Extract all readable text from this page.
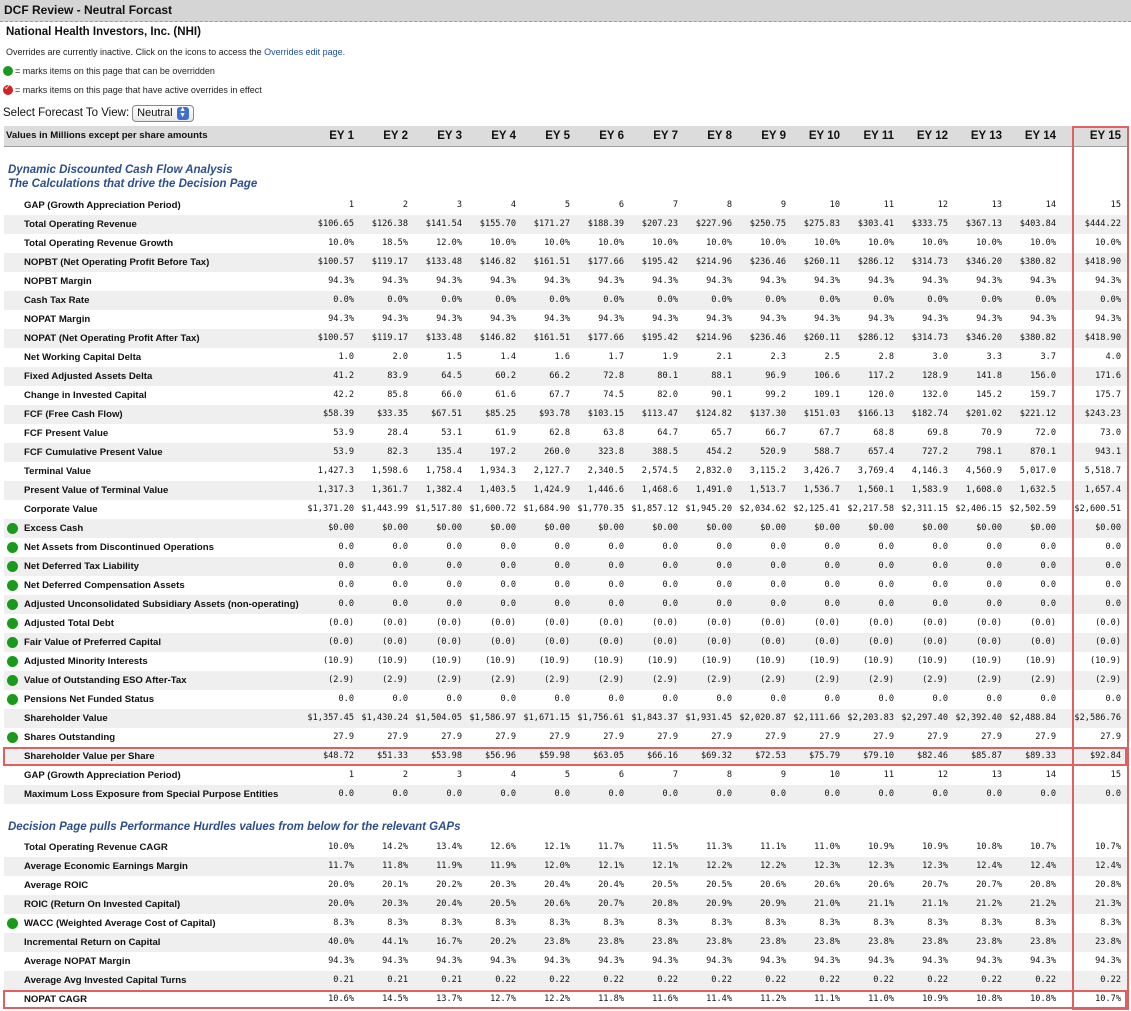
DCF Review - Neutral Forcast
National Health Investors, Inc. (NHI)
Overrides are currently inactive. Click on the icons to access the Overrides edit page.
= marks items on this page that can be overridden
✓= marks items on this page that have active overrides in effect
Select Forecast To View: Neutral ▲
▼
Values in Millions except per share amounts	EY 1	EY 2	EY 3	EY 4	EY 5	EY 6	EY 7	EY 8	EY 9	EY 10	EY 11	EY 12	EY 13	EY 14	EY 15
Dynamic Discounted Cash Flow Analysis
The Calculations that drive the Decision Page
Decision Page pulls Performance Hurdles values from below for the relevant GAPs
GAP (Growth Appreciation Period)	1	2	3	4	5	6	7	8	9	10	11	12	13	14	15
Total Operating Revenue	$106.65	$126.38	$141.54	$155.70	$171.27	$188.39	$207.23	$227.96	$250.75	$275.83	$303.41	$333.75	$367.13	$403.84	$444.22
Total Operating Revenue Growth	10.0%	18.5%	12.0%	10.0%	10.0%	10.0%	10.0%	10.0%	10.0%	10.0%	10.0%	10.0%	10.0%	10.0%	10.0%
NOPBT (Net Operating Profit Before Tax)	$100.57	$119.17	$133.48	$146.82	$161.51	$177.66	$195.42	$214.96	$236.46	$260.11	$286.12	$314.73	$346.20	$380.82	$418.90
NOPBT Margin	94.3%	94.3%	94.3%	94.3%	94.3%	94.3%	94.3%	94.3%	94.3%	94.3%	94.3%	94.3%	94.3%	94.3%	94.3%
Cash Tax Rate	0.0%	0.0%	0.0%	0.0%	0.0%	0.0%	0.0%	0.0%	0.0%	0.0%	0.0%	0.0%	0.0%	0.0%	0.0%
NOPAT Margin	94.3%	94.3%	94.3%	94.3%	94.3%	94.3%	94.3%	94.3%	94.3%	94.3%	94.3%	94.3%	94.3%	94.3%	94.3%
NOPAT (Net Operating Profit After Tax)	$100.57	$119.17	$133.48	$146.82	$161.51	$177.66	$195.42	$214.96	$236.46	$260.11	$286.12	$314.73	$346.20	$380.82	$418.90
Net Working Capital Delta	1.0	2.0	1.5	1.4	1.6	1.7	1.9	2.1	2.3	2.5	2.8	3.0	3.3	3.7	4.0
Fixed Adjusted Assets Delta	41.2	83.9	64.5	60.2	66.2	72.8	80.1	88.1	96.9	106.6	117.2	128.9	141.8	156.0	171.6
Change in Invested Capital	42.2	85.8	66.0	61.6	67.7	74.5	82.0	90.1	99.2	109.1	120.0	132.0	145.2	159.7	175.7
FCF (Free Cash Flow)	$58.39	$33.35	$67.51	$85.25	$93.78	$103.15	$113.47	$124.82	$137.30	$151.03	$166.13	$182.74	$201.02	$221.12	$243.23
FCF Present Value	53.9	28.4	53.1	61.9	62.8	63.8	64.7	65.7	66.7	67.7	68.8	69.8	70.9	72.0	73.0
FCF Cumulative Present Value	53.9	82.3	135.4	197.2	260.0	323.8	388.5	454.2	520.9	588.7	657.4	727.2	798.1	870.1	943.1
Terminal Value	1,427.3	1,598.6	1,758.4	1,934.3	2,127.7	2,340.5	2,574.5	2,832.0	3,115.2	3,426.7	3,769.4	4,146.3	4,560.9	5,017.0	5,518.7
Present Value of Terminal Value	1,317.3	1,361.7	1,382.4	1,403.5	1,424.9	1,446.6	1,468.6	1,491.0	1,513.7	1,536.7	1,560.1	1,583.9	1,608.0	1,632.5	1,657.4
Corporate Value	$1,371.20 $1,443.99 $1,517.80 $1,600.72 $1,684.90 $1,770.35 $1,857.12 $1,945.20 $2,034.62 $2,125.41 $2,217.58 $2,311.15 $2,406.15 $2,502.59	$2,600.51
Excess Cash	$0.00	$0.00	$0.00	$0.00	$0.00	$0.00	$0.00	$0.00	$0.00	$0.00	$0.00	$0.00	$0.00	$0.00	$0.00
Net Assets from Discontinued Operations	0.0	0.0	0.0	0.0	0.0	0.0	0.0	0.0	0.0	0.0	0.0	0.0	0.0	0.0	0.0
Net Deferred Tax Liability	0.0	0.0	0.0	0.0	0.0	0.0	0.0	0.0	0.0	0.0	0.0	0.0	0.0	0.0	0.0
Net Deferred Compensation Assets	0.0	0.0	0.0	0.0	0.0	0.0	0.0	0.0	0.0	0.0	0.0	0.0	0.0	0.0	0.0
Adjusted Unconsolidated Subsidiary Assets (non-operating)	0.0	0.0	0.0	0.0	0.0	0.0	0.0	0.0	0.0	0.0	0.0	0.0	0.0	0.0	0.0
Adjusted Total Debt	(0.0)	(0.0)	(0.0)	(0.0)	(0.0)	(0.0)	(0.0)	(0.0)	(0.0)	(0.0)	(0.0)	(0.0)	(0.0)	(0.0)	(0.0)
Fair Value of Preferred Capital	(0.0)	(0.0)	(0.0)	(0.0)	(0.0)	(0.0)	(0.0)	(0.0)	(0.0)	(0.0)	(0.0)	(0.0)	(0.0)	(0.0)	(0.0)
Adjusted Minority Interests	(10.9)	(10.9)	(10.9)	(10.9)	(10.9)	(10.9)	(10.9)	(10.9)	(10.9)	(10.9)	(10.9)	(10.9)	(10.9)	(10.9)	(10.9)
Value of Outstanding ESO After-Tax	(2.9)	(2.9)	(2.9)	(2.9)	(2.9)	(2.9)	(2.9)	(2.9)	(2.9)	(2.9)	(2.9)	(2.9)	(2.9)	(2.9)	(2.9)
Pensions Net Funded Status	0.0	0.0	0.0	0.0	0.0	0.0	0.0	0.0	0.0	0.0	0.0	0.0	0.0	0.0	0.0
Shareholder Value	$1,357.45 $1,430.24 $1,504.05 $1,586.97 $1,671.15 $1,756.61 $1,843.37 $1,931.45 $2,020.87 $2,111.66 $2,203.83 $2,297.40 $2,392.40 $2,488.84	$2,586.76
Shares Outstanding	27.9	27.9	27.9	27.9	27.9	27.9	27.9	27.9	27.9	27.9	27.9	27.9	27.9	27.9	27.9
Shareholder Value per Share	$48.72	$51.33	$53.98	$56.96	$59.98	$63.05	$66.16	$69.32	$72.53	$75.79	$79.10	$82.46	$85.87	$89.33	$92.84
GAP (Growth Appreciation Period)	1	2	3	4	5	6	7	8	9	10	11	12	13	14	15
Maximum Loss Exposure from Special Purpose Entities	0.0	0.0	0.0	0.0	0.0	0.0	0.0	0.0	0.0	0.0	0.0	0.0	0.0	0.0	0.0
Total Operating Revenue CAGR	10.0%	14.2%	13.4%	12.6%	12.1%	11.7%	11.5%	11.3%	11.1%	11.0%	10.9%	10.9%	10.8%	10.7%	10.7%
Average Economic Earnings Margin	11.7%	11.8%	11.9%	11.9%	12.0%	12.1%	12.1%	12.2%	12.2%	12.3%	12.3%	12.3%	12.4%	12.4%	12.4%
Average ROIC	20.0%	20.1%	20.2%	20.3%	20.4%	20.4%	20.5%	20.5%	20.6%	20.6%	20.6%	20.7%	20.7%	20.8%	20.8%
ROIC (Return On Invested Capital)	20.0%	20.3%	20.4%	20.5%	20.6%	20.7%	20.8%	20.9%	20.9%	21.0%	21.1%	21.1%	21.2%	21.2%	21.3%
WACC (Weighted Average Cost of Capital)	8.3%	8.3%	8.3%	8.3%	8.3%	8.3%	8.3%	8.3%	8.3%	8.3%	8.3%	8.3%	8.3%	8.3%	8.3%
Incremental Return on Capital	40.0%	44.1%	16.7%	20.2%	23.8%	23.8%	23.8%	23.8%	23.8%	23.8%	23.8%	23.8%	23.8%	23.8%	23.8%
Average NOPAT Margin	94.3%	94.3%	94.3%	94.3%	94.3%	94.3%	94.3%	94.3%	94.3%	94.3%	94.3%	94.3%	94.3%	94.3%	94.3%
Average Avg Invested Capital Turns	0.21	0.21	0.21	0.22	0.22	0.22	0.22	0.22	0.22	0.22	0.22	0.22	0.22	0.22	0.22
NOPAT CAGR	10.6%	14.5%	13.7%	12.7%	12.2%	11.8%	11.6%	11.4%	11.2%	11.1%	11.0%	10.9%	10.8%	10.8%	10.7%
